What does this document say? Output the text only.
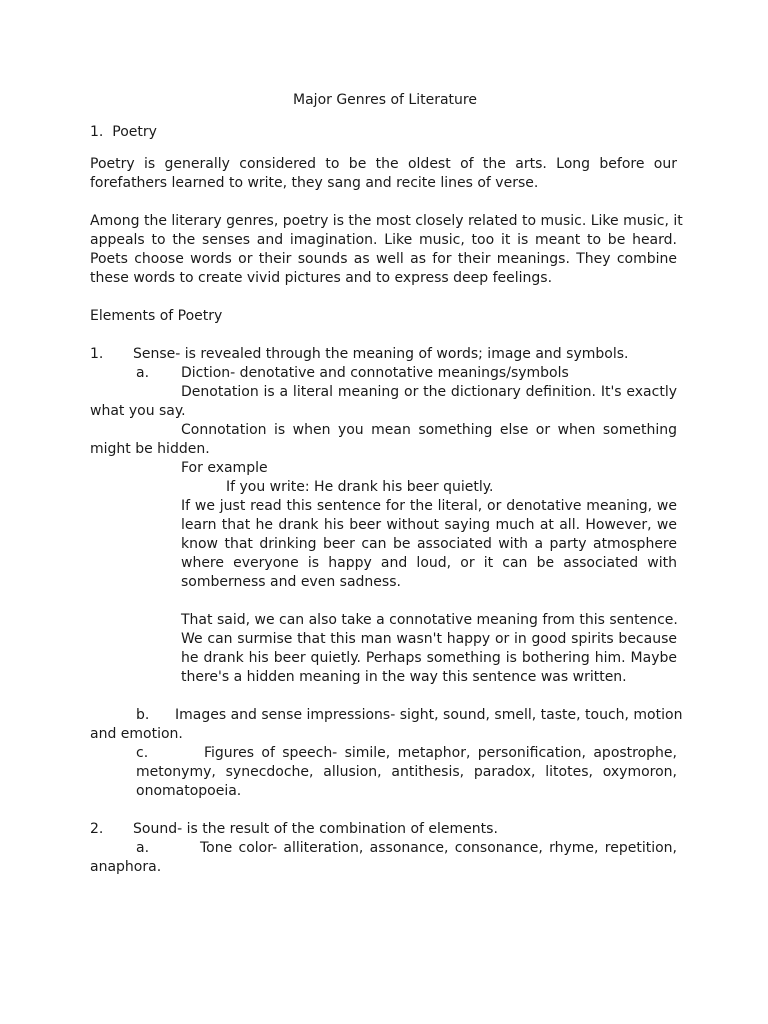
Major Genres of Literature
1.  Poetry
Poetry is generally considered to be the oldest of the arts. Long before our
forefathers learned to write, they sang and recite lines of verse.
Among the literary genres, poetry is the most closely related to music. Like music, it
appeals to the senses and imagination. Like music, too it is meant to be heard.
Poets choose words or their sounds as well as for their meanings. They combine
these words to create vivid pictures and to express deep feelings.
Elements of Poetry
1. Sense- is revealed through the meaning of words; image and symbols.
a. Diction- denotative and connotative meanings/symbols
Denotation is a literal meaning or the dictionary definition. It's exactly
what you say.
Connotation is when you mean something else or when something
might be hidden.
For example
If you write: He drank his beer quietly.
If we just read this sentence for the literal, or denotative meaning, we
learn that he drank his beer without saying much at all. However, we
know that drinking beer can be associated with a party atmosphere
where everyone is happy and loud, or it can be associated with
somberness and even sadness.
That said, we can also take a connotative meaning from this sentence.
We can surmise that this man wasn't happy or in good spirits because
he drank his beer quietly. Perhaps something is bothering him. Maybe
there's a hidden meaning in the way this sentence was written.
b. Images and sense impressions- sight, sound, smell, taste, touch, motion
and emotion.
c.	Figures of speech- simile, metaphor, personification, apostrophe,
metonymy, synecdoche, allusion, antithesis, paradox, litotes, oxymoron,
onomatopoeia.
2. Sound- is the result of the combination of elements.
a.	Tone color- alliteration, assonance, consonance, rhyme, repetition,
anaphora.
